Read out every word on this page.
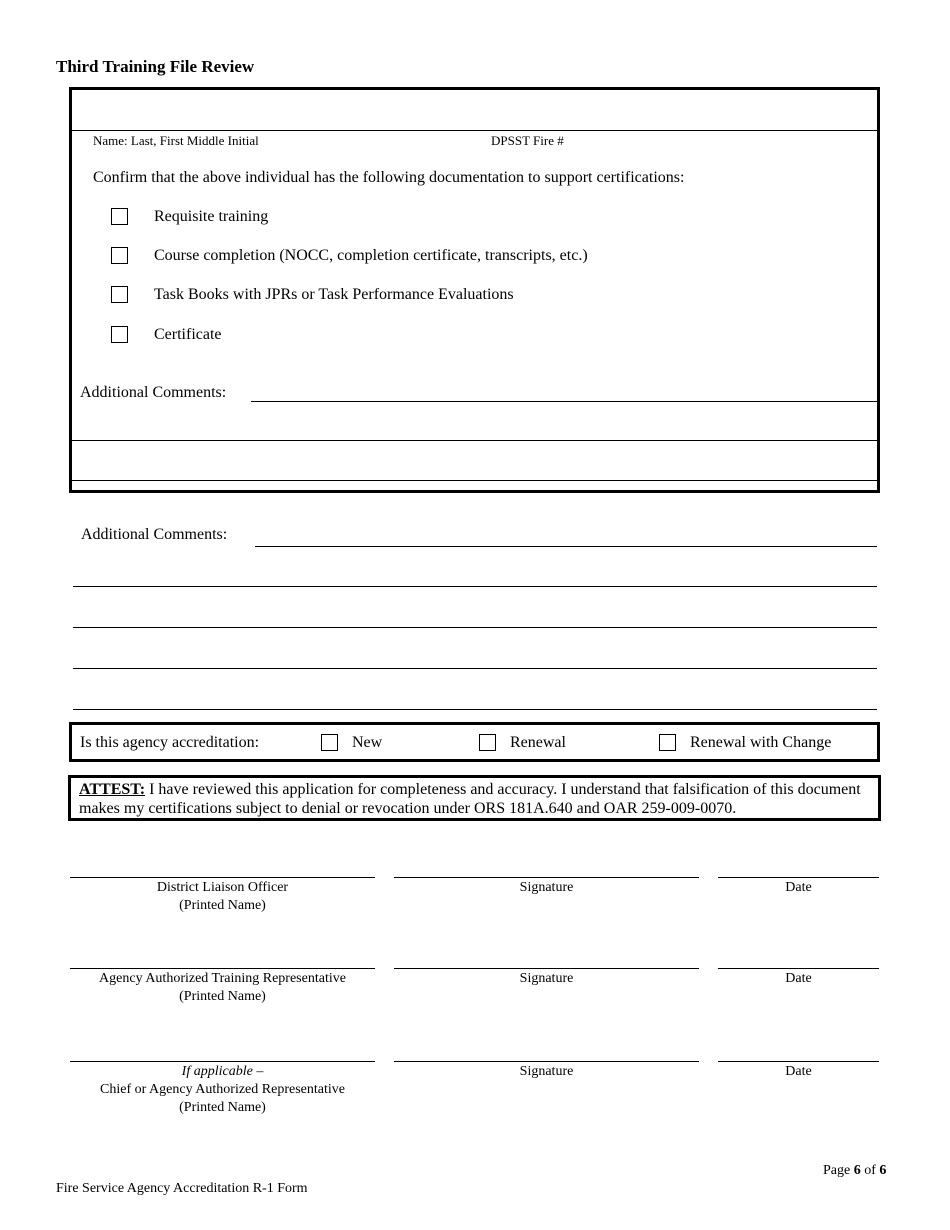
Third Training File Review
Name: Last, First Middle Initial	DPSST Fire #
Confirm that the above individual has the following documentation to support certifications:
Requisite training
Course completion (NOCC, completion certificate, transcripts, etc.)
Task Books with JPRs or Task Performance Evaluations
Certificate
Additional Comments:
Additional Comments:
Is this agency accreditation:	New	Renewal	Renewal with Change
ATTEST: I have reviewed this application for completeness and accuracy. I understand that falsification of this document makes my certifications subject to denial or revocation under ORS 181A.640 and OAR 259-009-0070.
District Liaison Officer
(Printed Name)
Signature	Date
Agency Authorized Training Representative
(Printed Name)
Signature	Date
If applicable –
Chief or Agency Authorized Representative
(Printed Name)
Signature	Date
Page 6 of 6
Fire Service Agency Accreditation R-1 Form
